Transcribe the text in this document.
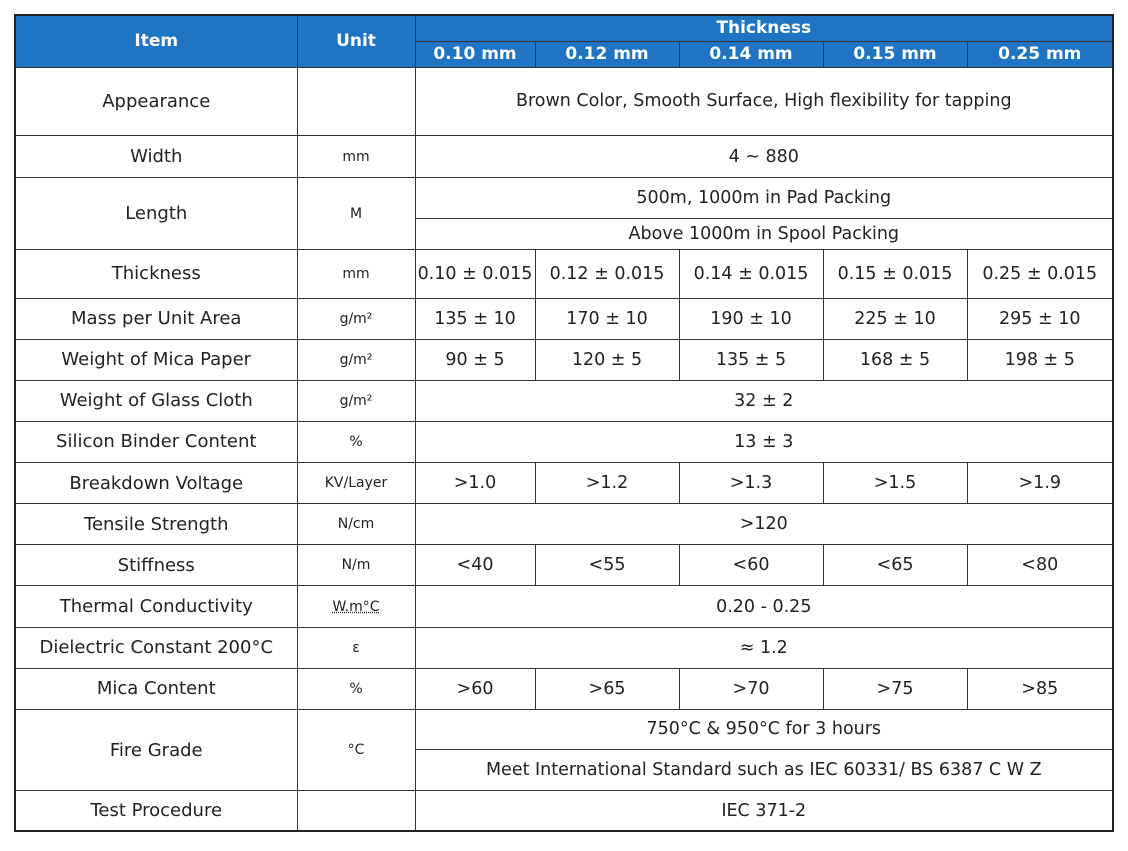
Item	Unit	Thickness				
		0.10 mm	0.12 mm	0.14 mm	0.15 mm	0.25 mm
Appearance		Brown Color, Smooth Surface, High flexibility for tapping				
Width	mm	4 ~ 880				
Length	M	500m, 1000m in Pad Packing				
		Above 1000m in Spool Packing				
Thickness	mm	0.10 ± 0.015	0.12 ± 0.015	0.14 ± 0.015	0.15 ± 0.015	0.25 ± 0.015
Mass per Unit Area	g/m²	135 ± 10	170 ± 10	190 ± 10	225 ± 10	295 ± 10
Weight of Mica Paper	g/m²	90 ± 5	120 ± 5	135 ± 5	168 ± 5	198 ± 5
Weight of Glass Cloth	g/m²	32 ± 2				
Silicon Binder Content	%	13 ± 3				
Breakdown Voltage	KV/Layer	>1.0	>1.2	>1.3	>1.5	>1.9
Tensile Strength	N/cm	>120				
Stiffness	N/m	<40	<55	<60	<65	<80
Thermal Conductivity	W.m°C	0.20 - 0.25				
Dielectric Constant 200°C	ε	≈ 1.2				
Mica Content	%	>60	>65	>70	>75	>85
Fire Grade	°C	750°C & 950°C for 3 hours				
		Meet International Standard such as IEC 60331/ BS 6387 C W Z				
Test Procedure		IEC 371-2				
